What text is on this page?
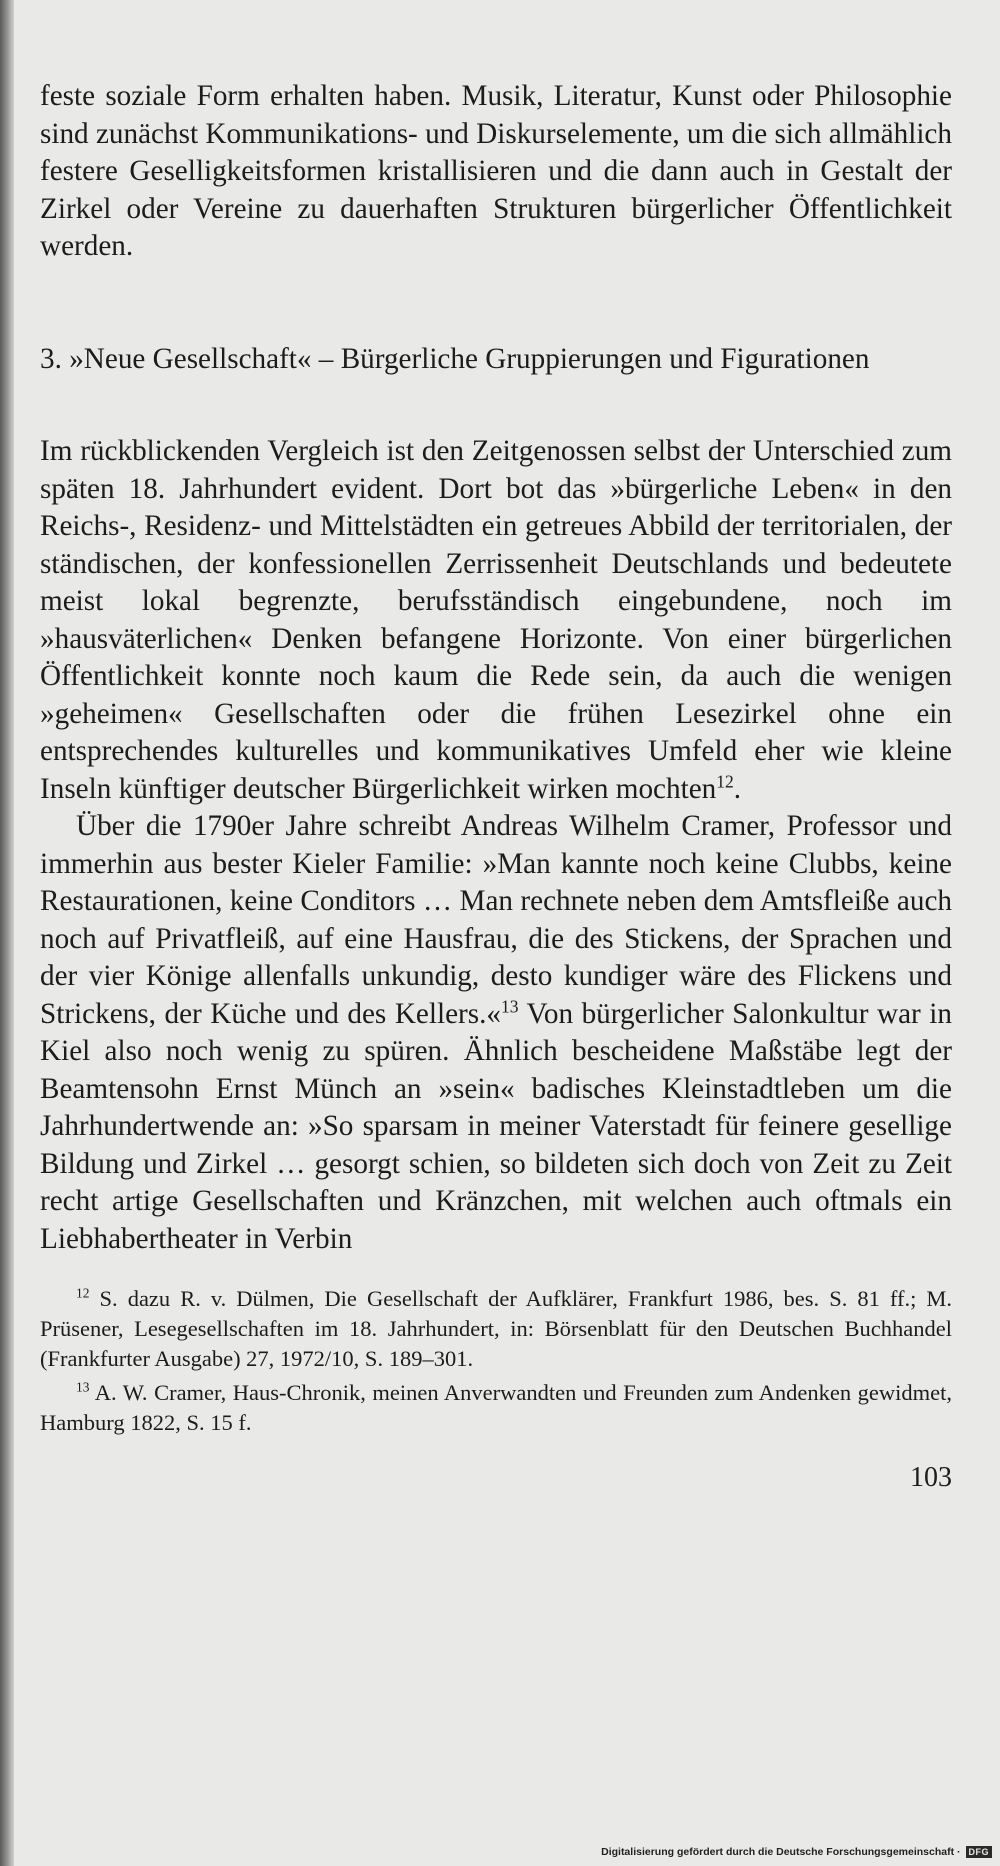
feste soziale Form erhalten haben. Musik, Literatur, Kunst oder Philosophie sind zunächst Kommunikations- und Diskurselemente, um die sich allmählich festere Geselligkeitsformen kristallisieren und die dann auch in Gestalt der Zirkel oder Vereine zu dauerhaften Strukturen bürgerlicher Öffentlichkeit werden.

3. »Neue Gesellschaft« – Bürgerliche Gruppierungen und Figurationen

Im rückblickenden Vergleich ist den Zeitgenossen selbst der Unterschied zum späten 18. Jahrhundert evident. Dort bot das »bürgerliche Leben« in den Reichs-, Residenz- und Mittelstädten ein getreues Abbild der territorialen, der ständischen, der konfessionellen Zerrissenheit Deutschlands und bedeutete meist lokal begrenzte, berufsständisch eingebundene, noch im »hausväterlichen« Denken befangene Horizonte. Von einer bürgerlichen Öffentlichkeit konnte noch kaum die Rede sein, da auch die wenigen »geheimen« Gesellschaften oder die frühen Lesezirkel ohne ein entsprechendes kulturelles und kommunikatives Umfeld eher wie kleine Inseln künftiger deutscher Bürgerlichkeit wirken mochten$^{12}$.

Über die 1790er Jahre schreibt Andreas Wilhelm Cramer, Professor und immerhin aus bester Kieler Familie: »Man kannte noch keine Clubbs, keine Restaurationen, keine Conditors … Man rechnete neben dem Amtsfleiße auch noch auf Privatfleiß, auf eine Hausfrau, die des Stickens, der Sprachen und der vier Könige allenfalls unkundig, desto kundiger wäre des Flickens und Strickens, der Küche und des Kellers.«$^{13}$ Von bürgerlicher Salonkultur war in Kiel also noch wenig zu spüren. Ähnlich bescheidene Maßstäbe legt der Beamtensohn Ernst Münch an »sein« badisches Kleinstadtleben um die Jahrhundertwende an: »So sparsam in meiner Vaterstadt für feinere gesellige Bildung und Zirkel … gesorgt schien, so bildeten sich doch von Zeit zu Zeit recht artige Gesellschaften und Kränzchen, mit welchen auch oftmals ein Liebhabertheater in Verbin

$^{12}$ S. dazu R. v. Dülmen, Die Gesellschaft der Aufklärer, Frankfurt 1986, bes. S. 81 ff.; M. Prüsener, Lesegesellschaften im 18. Jahrhundert, in: Börsenblatt für den Deutschen Buchhandel (Frankfurter Ausgabe) 27, 1972/10, S. 189–301.

$^{13}$ A. W. Cramer, Haus-Chronik, meinen Anverwandten und Freunden zum Andenken gewidmet, Hamburg 1822, S. 15 f.

103
Digitalisierung gefördert durch die Deutsche Forschungsgemeinschaft · DFG
